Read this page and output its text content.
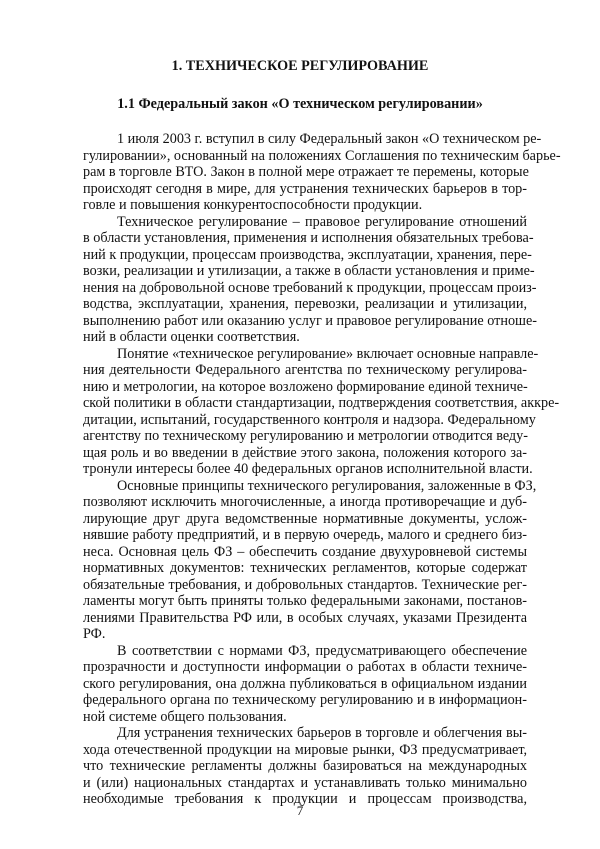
1. ТЕХНИЧЕСКОЕ РЕГУЛИРОВАНИЕ
1.1 Федеральный закон «О техническом регулировании»
1 июля 2003 г. вступил в силу Федеральный закон «О техническом ре-
гулировании», основанный на положениях Соглашения по техническим барье-
рам в торговле ВТО. Закон в полной мере отражает те перемены, которые
происходят сегодня в мире, для устранения технических барьеров в тор-
говле и повышения конкурентоспособности продукции.
Техническое регулирование – правовое регулирование отношений
в области установления, применения и исполнения обязательных требова-
ний к продукции, процессам производства, эксплуатации, хранения, пере-
возки, реализации и утилизации, а также в области установления и приме-
нения на добровольной основе требований к продукции, процессам произ-
водства, эксплуатации, хранения, перевозки, реализации и утилизации,
выполнению работ или оказанию услуг и правовое регулирование отноше-
ний в области оценки соответствия.
Понятие «техническое регулирование» включает основные направле-
ния деятельности Федерального агентства по техническому регулирова-
нию и метрологии, на которое возложено формирование единой техниче-
ской политики в области стандартизации, подтверждения соответствия, аккре-
дитации, испытаний, государственного контроля и надзора. Федеральному
агентству по техническому регулированию и метрологии отводится веду-
щая роль и во введении в действие этого закона, положения которого за-
тронули интересы более 40 федеральных органов исполнительной власти.
Основные принципы технического регулирования, заложенные в ФЗ,
позволяют исключить многочисленные, а иногда противоречащие и дуб-
лирующие друг друга ведомственные нормативные документы, услож-
нявшие работу предприятий, и в первую очередь, малого и среднего биз-
неса. Основная цель ФЗ – обеспечить создание двухуровневой системы
нормативных документов: технических регламентов, которые содержат
обязательные требования, и добровольных стандартов. Технические рег-
ламенты могут быть приняты только федеральными законами, постанов-
лениями Правительства РФ или, в особых случаях, указами Президента
РФ.
В соответствии с нормами ФЗ, предусматривающего обеспечение
прозрачности и доступности информации о работах в области техниче-
ского регулирования, она должна публиковаться в официальном издании
федерального органа по техническому регулированию и в информацион-
ной системе общего пользования.
Для устранения технических барьеров в торговле и облегчения вы-
хода отечественной продукции на мировые рынки, ФЗ предусматривает,
что технические регламенты должны базироваться на международных
и (или) национальных стандартах и устанавливать только минимально
необходимые требования к продукции и процессам производства,
7
